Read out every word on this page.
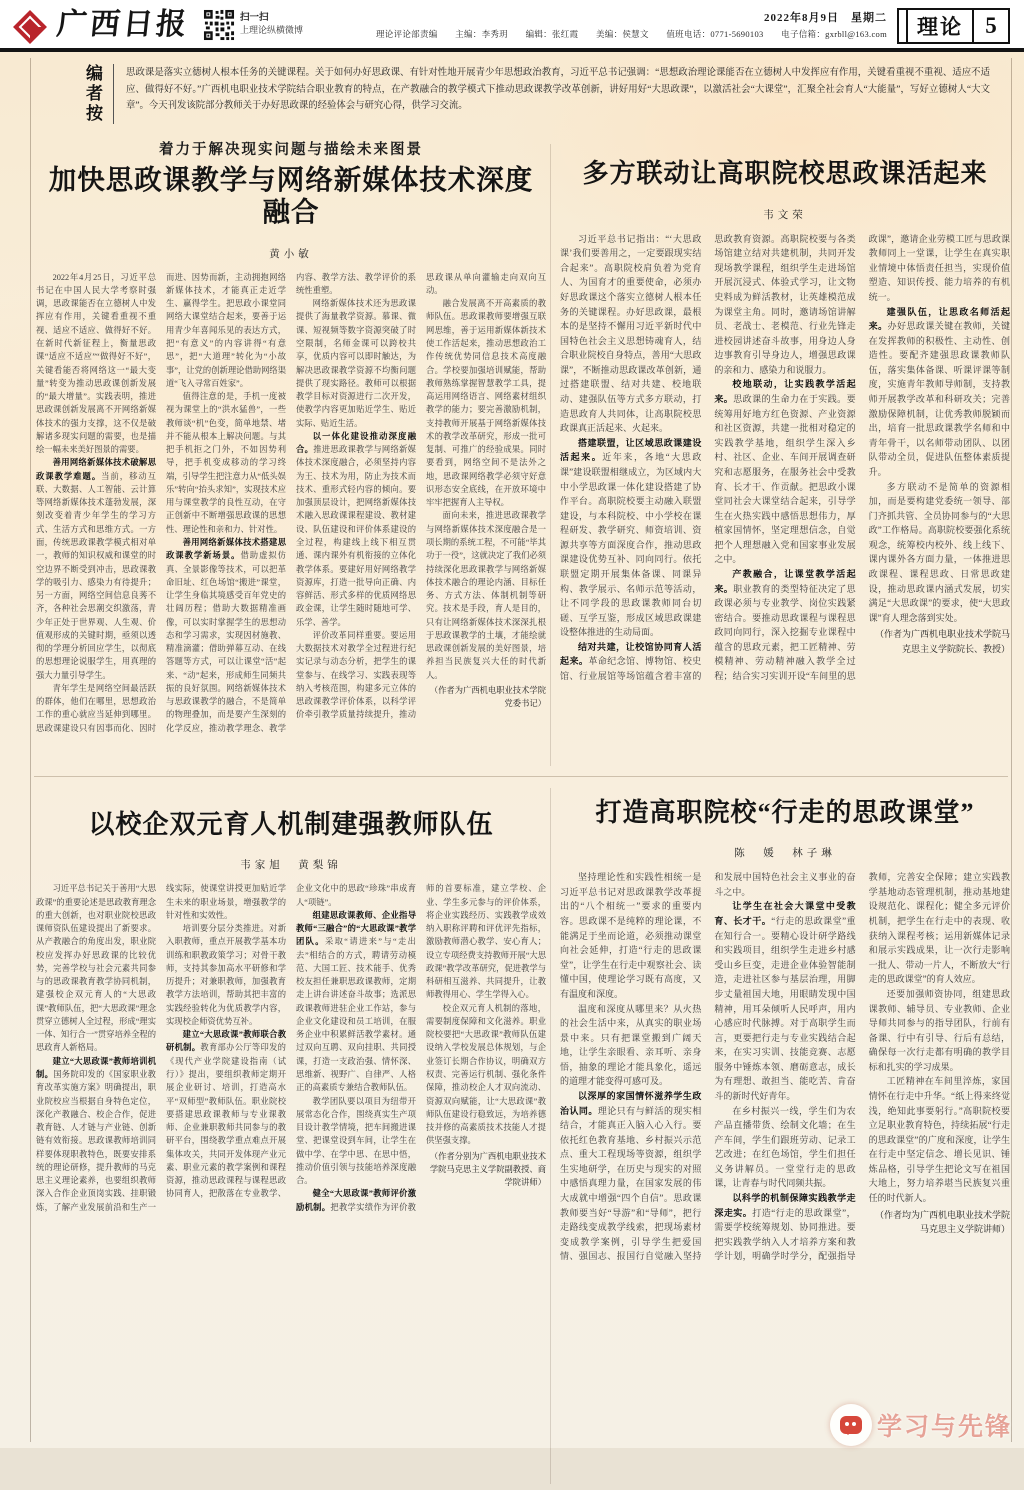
广西日报	扫一扫
上理论纵横微博
2022年8月9日　星期二
理论评论部责编　　主编：李秀玥　　编辑：张红霞　　美编：侯慧文　　值班电话：0771-5690103　　电子信箱：gxrbll@163.com	理论 5
编
者
按
思政课是落实立德树人根本任务的关键课程。关于如何办好思政课、有针对性地开展青少年思想政治教育，习近平总书记强调：“思想政治理论课能否在立德树人中发挥应有作用，关键看重视不重视、适应不适应、做得好不好。”广西机电职业技术学院结合职业教育的特点，在产教融合的教学模式下推动思政课教学改革创新，讲好用好“大思政课”，以激活社会“大课堂”，汇聚全社会育人“大能量”，写好立德树人“大文章”。今天刊发该院部分教师关于办好思政课的经验体会与研究心得，供学习交流。
着力于解决现实问题与描绘未来图景
加快思政课教学与网络新媒体技术深度融合
黄小敏

2022年4月25日，习近平总书记在中国人民大学考察时强调，思政课能否在立德树人中发挥应有作用，关键看重视不重视、适应不适应、做得好不好。在新时代新征程上，衡量思政课“适应不适应”“做得好不好”，关键看能否将网络这一“最大变量”转变为推动思政课创新发展的“最大增量”。实践表明，推进思政课创新发展离不开网络新媒体技术的强力支撑，这不仅是破解诸多现实问题的需要，也是描绘一幅未来美好图景的需要。

善用网络新媒体技术破解思政课教学难题。当前，移动互联、大数据、人工智能、云计算等网络新媒体技术蓬勃发展，深刻改变着青少年学生的学习方式、生活方式和思维方式。一方面，传统思政课教学模式相对单一，教师的知识权威和课堂的时空边界不断受到冲击，思政课教学的吸引力、感染力有待提升；另一方面，网络空间信息良莠不齐，各种社会思潮交织激荡，青少年正处于世界观、人生观、价值观形成的关键时期，亟须以透彻的学理分析回应学生，以彻底的思想理论说服学生，用真理的强大力量引导学生。

青年学生是网络空间最活跃的群体，他们在哪里，思想政治工作的重心就应当延伸到哪里。思政课建设只有因事而化、因时而进、因势而新，主动拥抱网络新媒体技术，才能真正走近学生、赢得学生。把思政小课堂同网络大课堂结合起来，要善于运用青少年喜闻乐见的表达方式，把“有意义”的内容讲得“有意思”，把“大道理”转化为“小故事”，让党的创新理论借助网络渠道“飞入寻常百姓家”。

值得注意的是，手机一度被视为课堂上的“洪水猛兽”，一些教师谈“机”色变，简单地禁、堵并不能从根本上解决问题。与其把手机拒之门外，不如因势利导，把手机变成移动的学习终端，引导学生把注意力从“低头娱乐”转向“抬头求知”，实现技术应用与课堂教学的良性互动，在守正创新中不断增强思政课的思想性、理论性和亲和力、针对性。

善用网络新媒体技术搭建思政课教学新场景。借助虚拟仿真、全景影像等技术，可以把革命旧址、红色场馆“搬进”课堂，让学生身临其境感受百年党史的壮阔历程；借助大数据精准画像，可以实时掌握学生的思想动态和学习需求，实现因材施教、精准滴灌；借助弹幕互动、在线答题等方式，可以让课堂“活”起来、“动”起来，形成师生同频共振的良好氛围。网络新媒体技术与思政课教学的融合，不是简单的物理叠加，而是要产生深刻的化学反应，推动教学理念、教学内容、教学方法、教学评价的系统性重塑。

网络新媒体技术还为思政课提供了海量教学资源。慕课、微课、短视频等数字资源突破了时空限制，名师金课可以跨校共享，优质内容可以即时触达，为解决思政课教学资源不均衡问题提供了现实路径。教师可以根据教学目标对资源进行二次开发，使教学内容更加贴近学生、贴近实际、贴近生活。

以一体化建设推动深度融合。推进思政课教学与网络新媒体技术深度融合，必须坚持内容为王、技术为用，防止为技术而技术、重形式轻内容的倾向。要加强顶层设计，把网络新媒体技术融入思政课课程建设、教材建设、队伍建设和评价体系建设的全过程，构建线上线下相互贯通、课内课外有机衔接的立体化教学体系。要建好用好网络教学资源库，打造一批导向正确、内容鲜活、形式多样的优质网络思政金课，让学生随时随地可学、乐学、善学。

评价改革同样重要。要运用大数据技术对教学全过程进行纪实记录与动态分析，把学生的课堂参与、在线学习、实践表现等纳入考核范围，构建多元立体的思政课教学评价体系，以科学评价牵引教学质量持续提升，推动思政课从单向灌输走向双向互动。

融合发展离不开高素质的教师队伍。思政课教师要增强互联网思维，善于运用新媒体新技术使工作活起来，推动思想政治工作传统优势同信息技术高度融合。学校要加强培训赋能，帮助教师熟练掌握智慧教学工具，提高运用网络语言、网络素材组织教学的能力；要完善激励机制，支持教师开展基于网络新媒体技术的教学改革研究，形成一批可复制、可推广的经验成果。同时要看到，网络空间不是法外之地，思政课网络教学必须守好意识形态安全底线，在开放环境中牢牢把握育人主导权。

面向未来，推进思政课教学与网络新媒体技术深度融合是一项长期的系统工程，不可能“毕其功于一役”，这就决定了我们必须持续深化思政课教学与网络新媒体技术融合的理论内涵、目标任务、方式方法、体制机制等研究。技术是手段，育人是目的，只有让网络新媒体技术深深扎根于思政课教学的土壤，才能绘就思政课创新发展的美好图景，培养担当民族复兴大任的时代新人。

（作者为广西机电职业技术学院党委书记）

多方联动让高职院校思政课活起来
韦文荣

习近平总书记指出：“‘大思政课’我们要善用之，一定要跟现实结合起来”。高职院校肩负着为党育人、为国育才的重要使命，必须办好思政课这个落实立德树人根本任务的关键课程。办好思政课，最根本的是坚持不懈用习近平新时代中国特色社会主义思想铸魂育人，结合职业院校自身特点，善用“大思政课”，不断推动思政课改革创新，通过搭建联盟、结对共建、校地联动、建强队伍等方式多方联动，打造思政育人共同体，让高职院校思政课真正活起来、火起来。

搭建联盟，让区域思政课建设活起来。近年来，各地“大思政课”建设联盟相继成立，为区域内大中小学思政课一体化建设搭建了协作平台。高职院校要主动融入联盟建设，与本科院校、中小学校在课程研发、教学研究、师资培训、资源共享等方面深度合作，推动思政课建设优势互补、同向同行。依托联盟定期开展集体备课、同课异构、教学展示、名师示范等活动，让不同学段的思政课教师同台切磋、互学互鉴，形成区域思政课建设整体推进的生动局面。

结对共建，让校馆协同育人活起来。革命纪念馆、博物馆、校史馆、行业展馆等场馆蕴含着丰富的思政教育资源。高职院校要与各类场馆建立结对共建机制，共同开发现场教学课程，组织学生走进场馆开展沉浸式、体验式学习，让文物史料成为鲜活教材，让英雄模范成为课堂主角。同时，邀请场馆讲解员、老战士、老模范、行业先锋走进校园讲述奋斗故事，用身边人身边事教育引导身边人，增强思政课的亲和力、感染力和说服力。

校地联动，让实践教学活起来。思政课的生命力在于实践。要统筹用好地方红色资源、产业资源和社区资源，共建一批相对稳定的实践教学基地，组织学生深入乡村、社区、企业、车间开展调查研究和志愿服务，在服务社会中受教育、长才干、作贡献。把思政小课堂同社会大课堂结合起来，引导学生在火热实践中感悟思想伟力，厚植家国情怀，坚定理想信念，自觉把个人理想融入党和国家事业发展之中。

产教融合，让课堂教学活起来。职业教育的类型特征决定了思政课必须与专业教学、岗位实践紧密结合。要推动思政课程与课程思政同向同行，深入挖掘专业课程中蕴含的思政元素，把工匠精神、劳模精神、劳动精神融入教学全过程；结合实习实训开设“车间里的思政课”，邀请企业劳模工匠与思政课教师同上一堂课，让学生在真实职业情境中体悟责任担当，实现价值塑造、知识传授、能力培养的有机统一。

建强队伍，让思政名师活起来。办好思政课关键在教师，关键在发挥教师的积极性、主动性、创造性。要配齐建强思政课教师队伍，落实集体备课、听课评课等制度，实施青年教师导师制，支持教师开展教学改革和科研攻关；完善激励保障机制，让优秀教师脱颖而出，培育一批思政课教学名师和中青年骨干，以名师带动团队、以团队带动全员，促进队伍整体素质提升。

多方联动不是简单的资源相加，而是要构建党委统一领导、部门齐抓共管、全员协同参与的“大思政”工作格局。高职院校要强化系统观念，统筹校内校外、线上线下、课内课外各方面力量，一体推进思政课程、课程思政、日常思政建设，推动思政课内涵式发展，切实满足“大思政课”的要求，使“大思政课”育人理念落到实处。

（作者为广西机电职业技术学院马克思主义学院院长、教授）

以校企双元育人机制建强教师队伍
韦家旭　黄梨锦

习近平总书记关于善用“大思政课”的重要论述是思政教育理念的重大创新，也对职业院校思政课师资队伍建设提出了新要求。从产教融合的角度出发，职业院校应发挥办好思政课的比较优势，完善学校与社会元素共同参与的思政课教育教学协同机制，建强校企双元育人的“大思政课”教师队伍，把“大思政课”理念贯穿立德树人全过程，形成“理实一体、知行合一”贯穿培养全程的思政育人新格局。

建立“大思政课”教师培训机制。国务院印发的《国家职业教育改革实施方案》明确提出，职业院校应当根据自身特色定位，深化产教融合、校企合作，促进教育链、人才链与产业链、创新链有效衔接。思政课教师培训同样要体现职教特色，既要安排系统的理论研修，提升教师的马克思主义理论素养，也要组织教师深入合作企业顶岗实践、挂职锻炼，了解产业发展前沿和生产一线实际，使课堂讲授更加贴近学生未来的职业场景，增强教学的针对性和实效性。

培训要分层分类推进。对新入职教师，重点开展教学基本功训练和职教政策学习；对骨干教师，支持其参加高水平研修和学历提升；对兼职教师，加强教育教学方法培训，帮助其把丰富的实践经验转化为优质教学内容，实现校企师资优势互补。

建立“大思政课”教师联合教研机制。教育部办公厅等印发的《现代产业学院建设指南（试行）》提出，要组织教师定期开展企业研讨、培训，打造高水平“双师型”教师队伍。职业院校要搭建思政课教师与专业课教师、企业兼职教师共同参与的教研平台，围绕教学重点难点开展集体攻关，共同开发体现产业元素、职业元素的教学案例和课程资源，推动思政课程与课程思政协同育人，把散落在专业教学、企业文化中的思政“珍珠”串成育人“项链”。

组建思政课教师、企业指导教师“三融合”的“大思政课”教学团队。采取“请进来”与“走出去”相结合的方式，聘请劳动模范、大国工匠、技术能手、优秀校友担任兼职思政课教师，定期走上讲台讲述奋斗故事；选派思政课教师进驻企业工作站，参与企业文化建设和员工培训，在服务企业中积累鲜活教学素材。通过双向互聘、双向挂职、共同授课，打造一支政治强、情怀深、思维新、视野广、自律严、人格正的高素质专兼结合教师队伍。

教学团队要以项目为纽带开展常态化合作，围绕真实生产项目设计教学情境，把车间搬进课堂、把课堂设到车间，让学生在做中学、在学中思、在思中悟，推动价值引领与技能培养深度融合。

健全“大思政课”教师评价激励机制。把教学实绩作为评价教师的首要标准，建立学校、企业、学生多元参与的评价体系，将企业实践经历、实践教学成效纳入职称评聘和评优评先指标，激励教师潜心教学、安心育人；设立专项经费支持教师开展“大思政课”教学改革研究，促进教学与科研相互滋养、共同提升，让教师教得用心、学生学得入心。

校企双元育人机制的落地，需要制度保障和文化滋养。职业院校要把“大思政课”教师队伍建设纳入学校发展总体规划，与企业签订长期合作协议，明确双方权责、完善运行机制、强化条件保障，推动校企人才双向流动、资源双向赋能，让“大思政课”教师队伍建设行稳致远，为培养德技并修的高素质技术技能人才提供坚强支撑。

（作者分别为广西机电职业技术学院马克思主义学院副教授、商学院讲师）

打造高职院校“行走的思政课堂”
陈　媛　林子琳

坚持理论性和实践性相统一是习近平总书记对思政课教学改革提出的“八个相统一”要求的重要内容。思政课不是纯粹的理论课，不能满足于坐而论道，必须推动课堂向社会延伸，打造“行走的思政课堂”，让学生在行走中观察社会、读懂中国，使理论学习既有高度，又有温度和深度。

温度和深度从哪里来？从火热的社会生活中来，从真实的职业场景中来。只有把课堂搬到广阔天地，让学生亲眼看、亲耳听、亲身悟，抽象的理论才能具象化，遥远的道理才能变得可感可及。

以深厚的家国情怀滋养学生政治认同。理论只有与鲜活的现实相结合，才能真正入脑入心入行。要依托红色教育基地、乡村振兴示范点、重大工程现场等资源，组织学生实地研学，在历史与现实的对照中感悟真理力量，在国家发展的伟大成就中增强“四个自信”。思政课教师要当好“导游”和“导师”，把行走路线变成教学线索，把现场素材变成教学案例，引导学生把爱国情、强国志、报国行自觉融入坚持和发展中国特色社会主义事业的奋斗之中。

让学生在社会大课堂中受教育、长才干。“行走的思政课堂”重在知行合一。要精心设计研学路线和实践项目，组织学生走进乡村感受山乡巨变，走进企业体验智能制造，走进社区参与基层治理，用脚步丈量祖国大地，用眼睛发现中国精神，用耳朵倾听人民呼声，用内心感应时代脉搏。对于高职学生而言，更要把行走与专业实践结合起来，在实习实训、技能竞赛、志愿服务中锤炼本领、磨砺意志，成长为有理想、敢担当、能吃苦、肯奋斗的新时代好青年。

在乡村振兴一线，学生们为农产品直播带货、绘制文化墙；在生产车间，学生们跟班劳动、记录工艺改进；在红色场馆，学生们担任义务讲解员。一堂堂行走的思政课，让青春与时代同频共振。

以科学的机制保障实践教学走深走实。打造“行走的思政课堂”，需要学校统筹规划、协同推进。要把实践教学纳入人才培养方案和教学计划，明确学时学分，配强指导教师，完善安全保障；建立实践教学基地动态管理机制，推动基地建设规范化、课程化；健全多元评价机制，把学生在行走中的表现、收获纳入课程考核；运用新媒体记录和展示实践成果，让一次行走影响一批人、带动一片人，不断放大“行走的思政课堂”的育人效应。

还要加强师资协同，组建思政课教师、辅导员、专业教师、企业导师共同参与的指导团队，行前有备课、行中有引导、行后有总结，确保每一次行走都有明确的教学目标和扎实的学习成果。

工匠精神在车间里淬炼，家国情怀在行走中升华。“纸上得来终觉浅，绝知此事要躬行。”高职院校要立足职业教育特色，持续拓展“行走的思政课堂”的广度和深度，让学生在行走中坚定信念、增长见识、锤炼品格，引导学生把论文写在祖国大地上，努力培养堪当民族复兴重任的时代新人。

（作者均为广西机电职业技术学院马克思主义学院讲师）

学习与先锋
